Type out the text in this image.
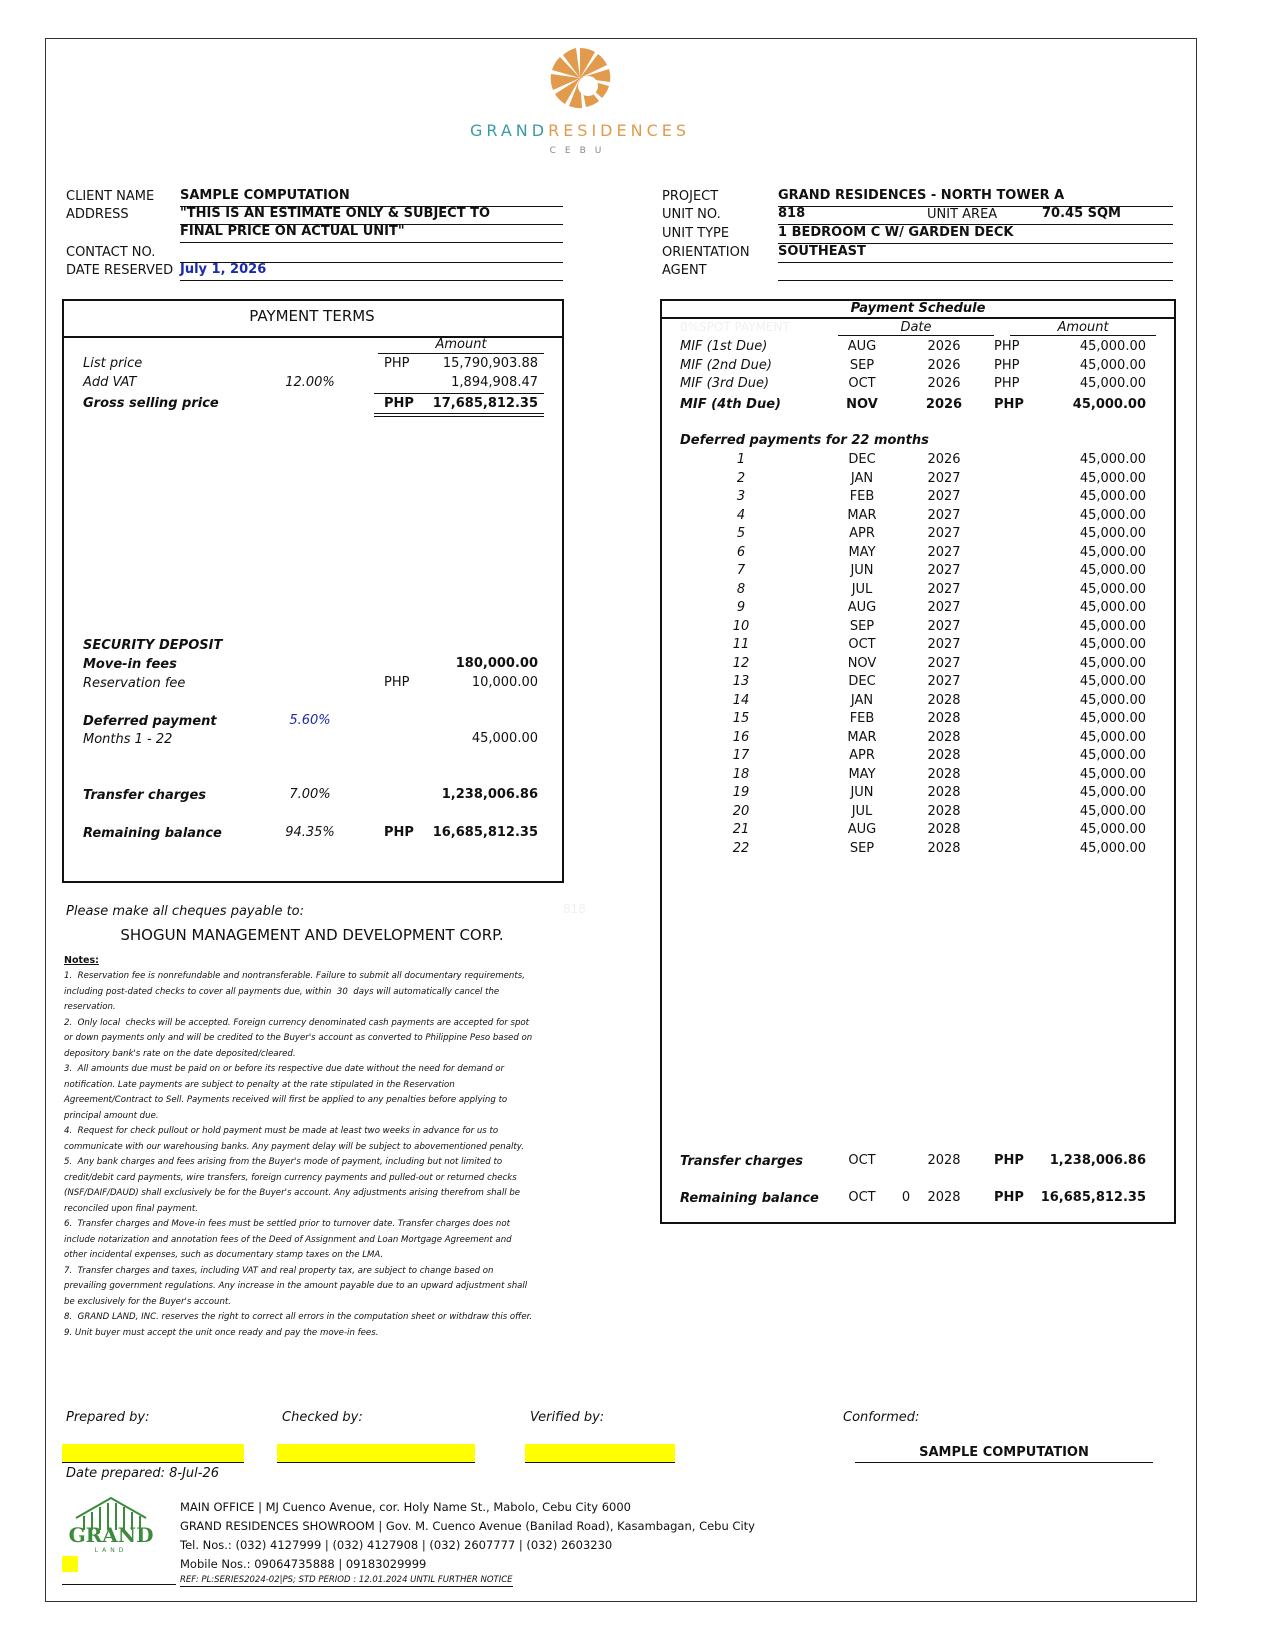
GRANDRESIDENCES
CEBU
CLIENT NAME SAMPLE COMPUTATION
ADDRESS	"THIS IS AN ESTIMATE ONLY & SUBJECT TO
FINAL PRICE ON ACTUAL UNIT"
CONTACT NO.
DATE RESERVED July 1, 2026
PROJECT	GRAND RESIDENCES - NORTH TOWER A
UNIT NO.	818	UNIT AREA	70.45 SQM
UNIT TYPE	1 BEDROOM C W/ GARDEN DECK
ORIENTATION SOUTHEAST
AGENT
PAYMENT TERMS
Amount
List price	PHP	15,790,903.88
Add VAT	12.00%	1,894,908.47
Gross selling price	PHP	17,685,812.35
SECURITY DEPOSIT
Move-in fees	180,000.00
Reservation fee	PHP	10,000.00
Deferred payment	5.60%
Months 1 - 22	45,000.00
Transfer charges	7.00%	1,238,006.86
Remaining balance	94.35%	PHP	16,685,812.35
Payment Schedule
0%SPOT PAYMENT	Date	Amount
MIF (1st Due)	AUG	2026	PHP	45,000.00
MIF (2nd Due)	SEP	2026	PHP	45,000.00
MIF (3rd Due)	OCT	2026	PHP	45,000.00
MIF (4th Due)	NOV	2026	PHP	45,000.00
Deferred payments for 22 months
1	DEC	2026	45,000.00
2	JAN	2027	45,000.00
3	FEB	2027	45,000.00
4	MAR	2027	45,000.00
5	APR	2027	45,000.00
6	MAY	2027	45,000.00
7	JUN	2027	45,000.00
8	JUL	2027	45,000.00
9	AUG	2027	45,000.00
10	SEP	2027	45,000.00
11	OCT	2027	45,000.00
12	NOV	2027	45,000.00
13	DEC	2027	45,000.00
14	JAN	2028	45,000.00
15	FEB	2028	45,000.00
16	MAR	2028	45,000.00
17	APR	2028	45,000.00
18	MAY	2028	45,000.00
19	JUN	2028	45,000.00
20	JUL	2028	45,000.00
21	AUG	2028	45,000.00
22	SEP	2028	45,000.00
Transfer charges	OCT	2028	PHP	1,238,006.86
Remaining balance	OCT	0	2028	PHP	16,685,812.35
Please make all cheques payable to:	818
SHOGUN MANAGEMENT AND DEVELOPMENT CORP.
Notes:
1.  Reservation fee is nonrefundable and nontransferable. Failure to submit all documentary requirements,
including post-dated checks to cover all payments due, within  30  days will automatically cancel the
reservation.
2.  Only local  checks will be accepted. Foreign currency denominated cash payments are accepted for spot
or down payments only and will be credited to the Buyer's account as converted to Philippine Peso based on
depository bank's rate on the date deposited/cleared.
3.  All amounts due must be paid on or before its respective due date without the need for demand or
notification. Late payments are subject to penalty at the rate stipulated in the Reservation
Agreement/Contract to Sell. Payments received will first be applied to any penalties before applying to
principal amount due.
4.  Request for check pullout or hold payment must be made at least two weeks in advance for us to
communicate with our warehousing banks. Any payment delay will be subject to abovementioned penalty.
5.  Any bank charges and fees arising from the Buyer's mode of payment, including but not limited to
credit/debit card payments, wire transfers, foreign currency payments and pulled-out or returned checks
(NSF/DAIF/DAUD) shall exclusively be for the Buyer's account. Any adjustments arising therefrom shall be
reconciled upon final payment.
6.  Transfer charges and Move-in fees must be settled prior to turnover date. Transfer charges does not
include notarization and annotation fees of the Deed of Assignment and Loan Mortgage Agreement and
other incidental expenses, such as documentary stamp taxes on the LMA.
7.  Transfer charges and taxes, including VAT and real property tax, are subject to change based on
prevailing government regulations. Any increase in the amount payable due to an upward adjustment shall
be exclusively for the Buyer's account.
8.  GRAND LAND, INC. reserves the right to correct all errors in the computation sheet or withdraw this offer.
9. Unit buyer must accept the unit once ready and pay the move-in fees.
Prepared by:	Checked by:	Verified by:	Conformed:
SAMPLE COMPUTATION
Date prepared: 8-Jul-26
GRAND
LAND
MAIN OFFICE | MJ Cuenco Avenue, cor. Holy Name St., Mabolo, Cebu City 6000
GRAND RESIDENCES SHOWROOM | Gov. M. Cuenco Avenue (Banilad Road), Kasambagan, Cebu City
Tel. Nos.: (032) 4127999 | (032) 4127908 | (032) 2607777 | (032) 2603230
Mobile Nos.: 09064735888 | 09183029999
REF: PL:SERIES2024-02|PS; STD PERIOD : 12.01.2024 UNTIL FURTHER NOTICE
